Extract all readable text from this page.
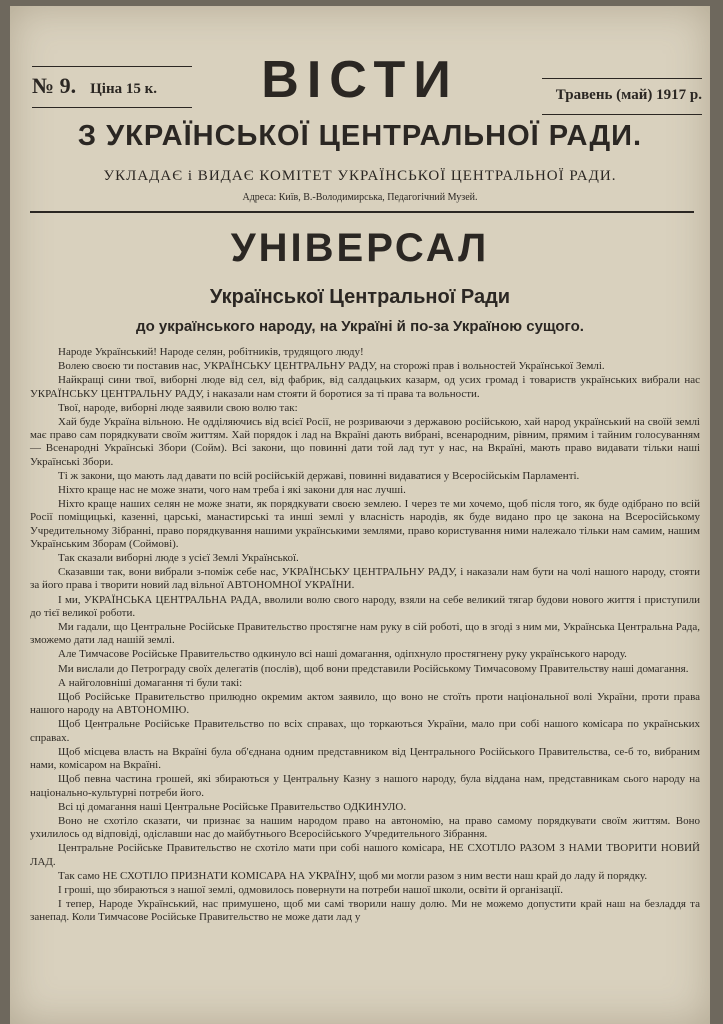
№ 9. Ціна 15 к.	ВІСТИ	Травень (май) 1917 р.
З УКРАЇНСЬКОЇ ЦЕНТРАЛЬНОЇ РАДИ.
УКЛАДАЄ і ВИДАЄ КОМІТЕТ УКРАЇНСЬКОЇ ЦЕНТРАЛЬНОЇ РАДИ.
Адреса: Київ, В.-Володимирська, Педагогічний Музей.
УНІВЕРСАЛ
Української Центральної Ради
до українського народу, на Україні й по-за Україною сущого.

Народе Український! Народе селян, робітників, трудящого люду!

Волею своєю ти поставив нас, УКРАЇНСЬКУ ЦЕНТРАЛЬНУ РАДУ, на сторожі прав і вольностей Української Землі.

Найкращі сини твої, виборні люде від сел, від фабрик, від салдацьких казарм, од усих громад і товариств українських вибрали нас УКРАЇНСЬКУ ЦЕНТРАЛЬНУ РАДУ, і наказали нам стояти й боротися за ті права та вольности.

Твої, народе, виборні люде заявили свою волю так:

Хай буде Україна вільною. Не одділяючись від всієї Росії, не розриваючи з державою російською, хай народ український на своїй землі має право сам порядкувати своїм життям. Хай порядок і лад на Вкраїні дають вибрані, всенародним, рівним, прямим і тайним голосуванням — Всенародні Українські Збори (Сойм). Всі закони, що повинні дати той лад тут у нас, на Вкраїні, мають право видавати тільки наші Українські Збори.

Ті ж закони, що мають лад давати по всій російській державі, повинні видаватися у Всеросійськім Парламенті.

Ніхто краще нас не може знати, чого нам треба і які закони для нас лучші.

Ніхто краще наших селян не може знати, як порядкувати своєю землею. І через те ми хочемо, щоб після того, як буде одібрано по всій Росії поміщицькі, казенні, царські, манастирські та инші землі у власність народів, як буде видано про це закона на Всеросійському Учредительному Зібранні, право порядкування нашими українськими землями, право користування ними належало тільки нам самим, нашим Українським Зборам (Соймові).

Так сказали виборні люде з усієї Землі Української.

Сказавши так, вони вибрали з-поміж себе нас, УКРАЇНСЬКУ ЦЕНТРАЛЬНУ РАДУ, і наказали нам бути на чолі нашого народу, стояти за його права і творити новий лад вільної АВТОНОМНОЇ УКРАЇНИ.

І ми, УКРАЇНСЬКА ЦЕНТРАЛЬНА РАДА, вволили волю свого народу, взяли на себе великий тягар будови нового життя і приступили до тієї великої роботи.

Ми гадали, що Центральне Російське Правительство простягне нам руку в сій роботі, що в згоді з ним ми, Українська Центральна Рада, зможемо дати лад нашій землі.

Але Тимчасове Російське Правительство одкинуло всі наші домагання, одіпхнуло простягнену руку українського народу.

Ми вислали до Петрограду своїх делегатів (послів), щоб вони представили Російському Тимчасовому Правительству наші домагання.

А найголовніші домагання ті були такі:

Щоб Російське Правительство прилюдно окремим актом заявило, що воно не стоїть проти національної волі України, проти права нашого народу на АВТОНОМІЮ.

Щоб Центральне Російське Правительство по всіх справах, що торкаються України, мало при собі нашого комісара по українських справах.

Щоб місцева власть на Вкраїні була об'єднана одним представником від Центрального Російського Правительства, се-б то, вибраним нами, комісаром на Вкраїні.

Щоб певна частина грошей, які збираються у Центральну Казну з нашого народу, була віддана нам, представникам сього народу на національно-культурні потреби його.

Всі ці домагання наші Центральне Російське Правительство ОДКИНУЛО.

Воно не схотіло сказати, чи признає за нашим народом право на автономію, на право самому порядкувати своїм життям. Воно ухилилось од відповіді, одіславши нас до майбутнього Всеросійського Учредительного Зібрання.

Центральне Російське Правительство не схотіло мати при собі нашого комісара, НЕ СХОТІЛО РАЗОМ З НАМИ ТВОРИТИ НОВИЙ ЛАД.

Так само НЕ СХОТІЛО ПРИЗНАТИ КОМІСАРА НА УКРАЇНУ, щоб ми могли разом з ним вести наш край до ладу й порядку.

І гроші, що збираються з нашої землі, одмовилось повернути на потреби нашої школи, освіти й організації.

І тепер, Народе Український, нас примушено, щоб ми самі творили нашу долю. Ми не можемо допустити край наш на безладдя та занепад. Коли Тимчасове Російське Правительство не може дати лад у
